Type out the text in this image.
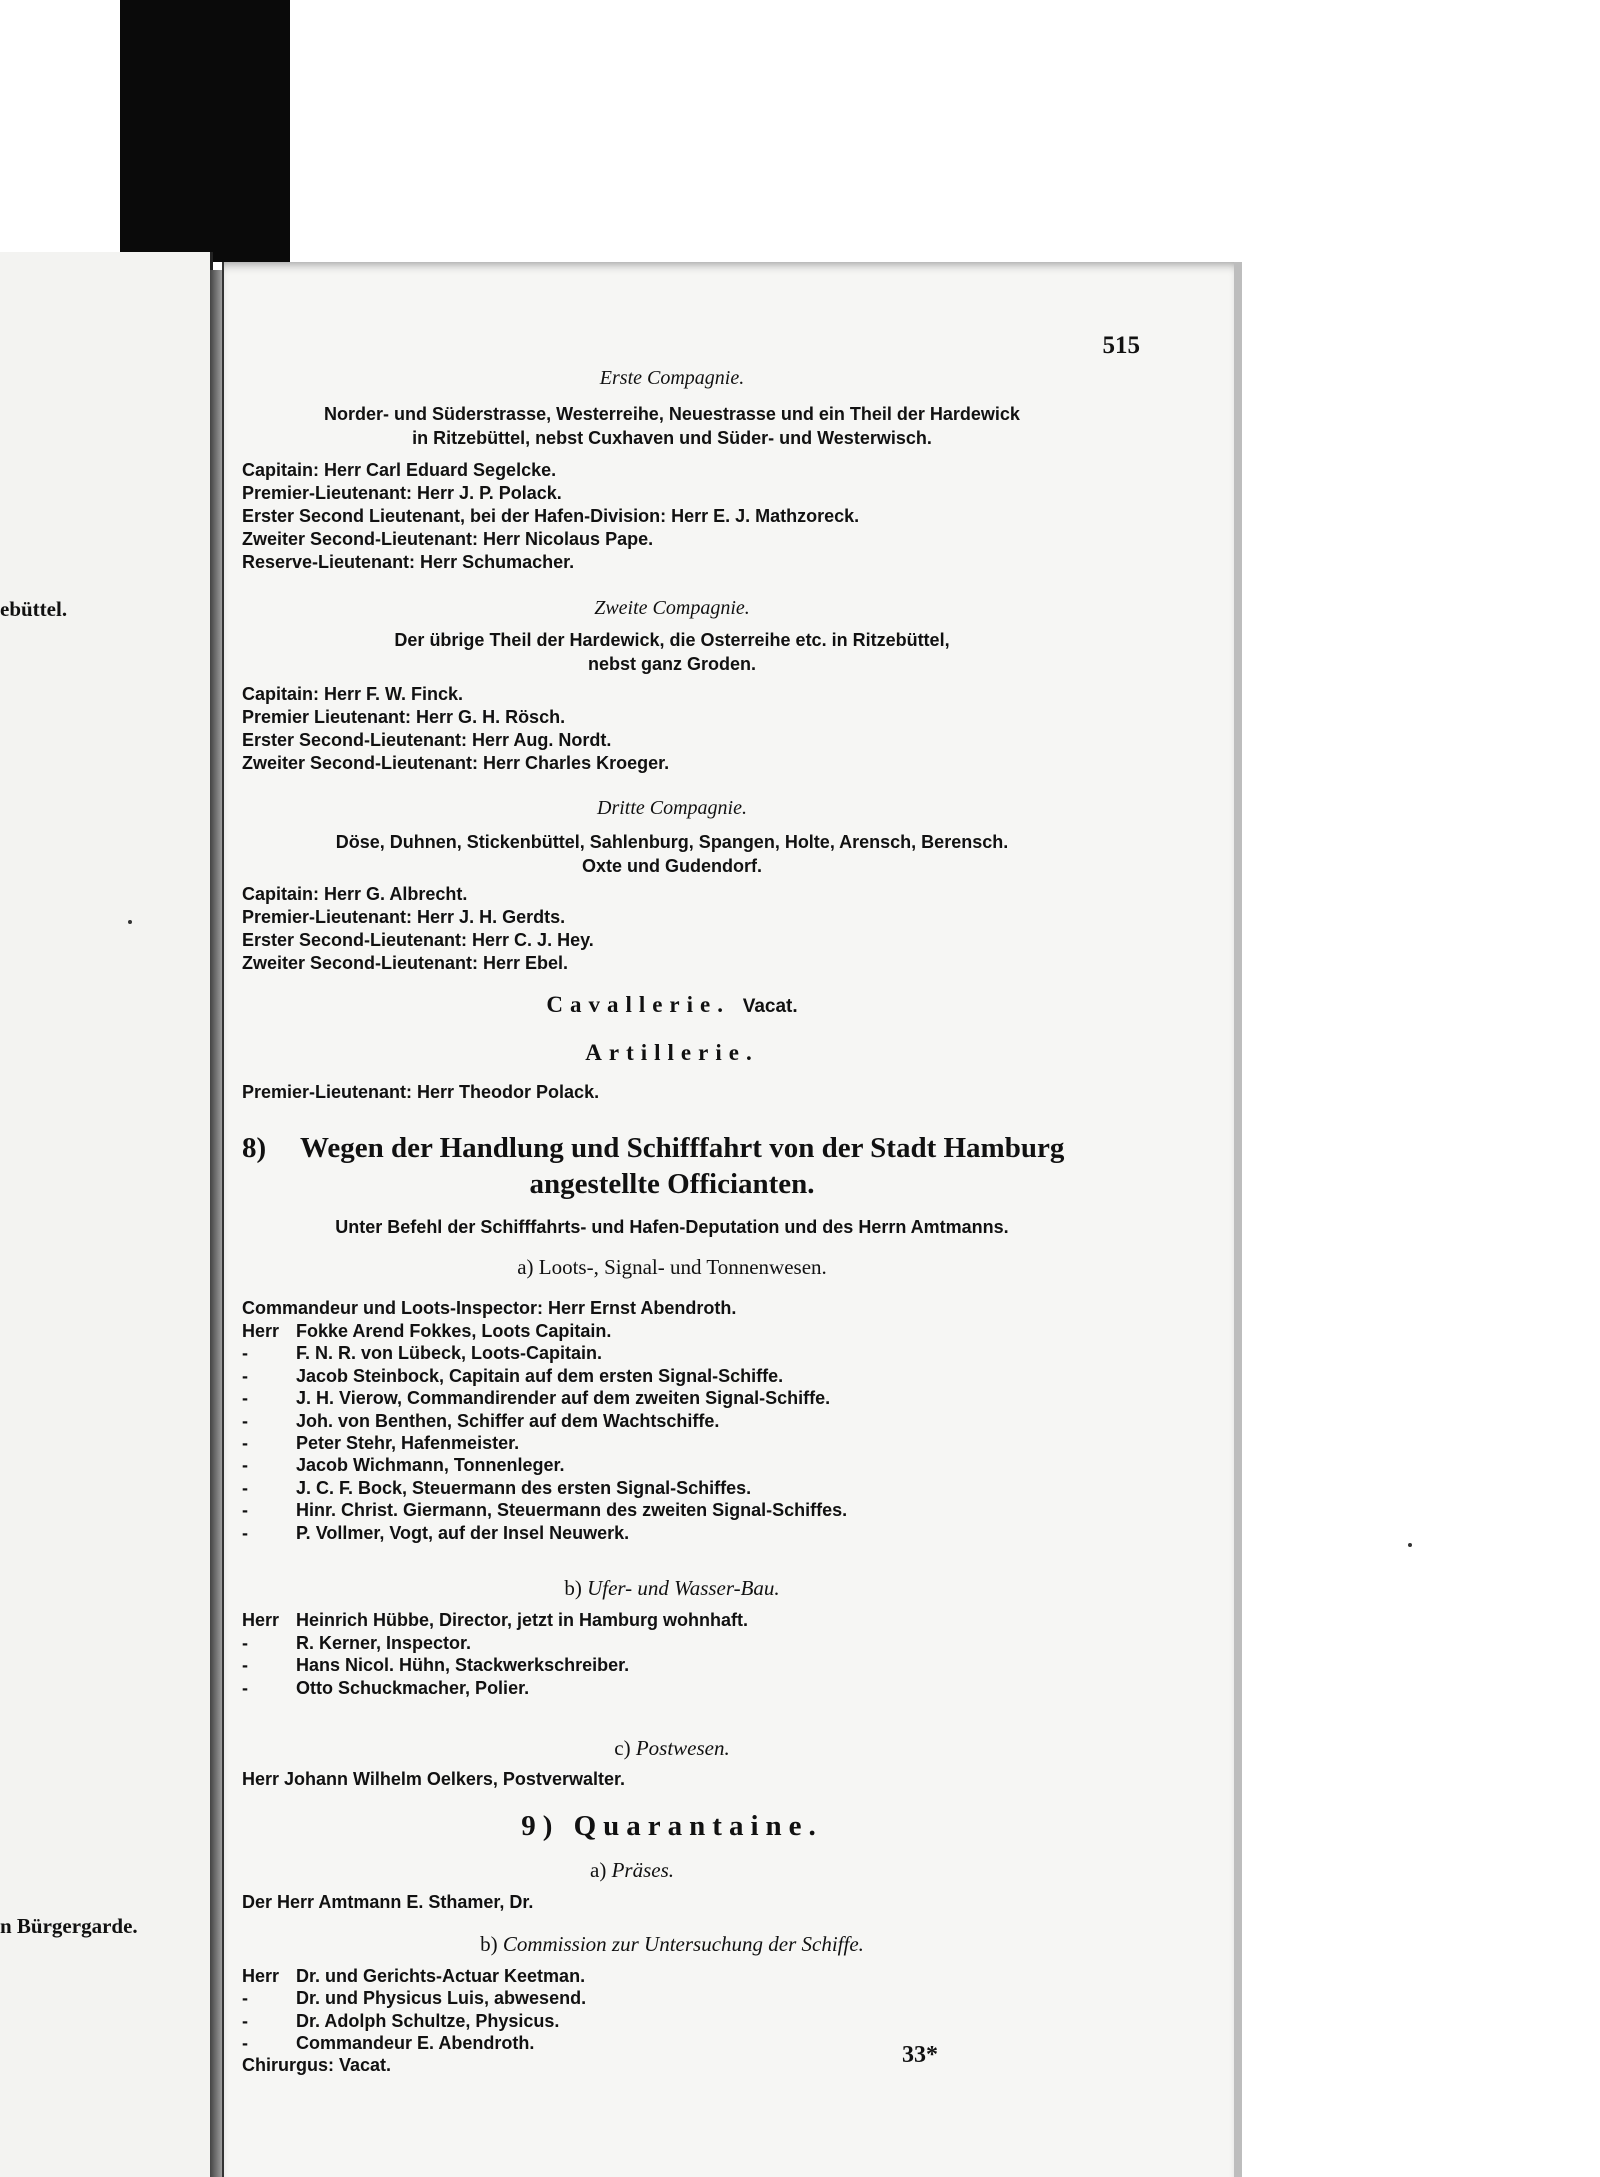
ebüttel.
n Bürgergarde.
515
Erste Compagnie.
Norder- und Süderstrasse, Westerreihe, Neuestrasse und ein Theil der Hardewick
in Ritzebüttel, nebst Cuxhaven und Süder- und Westerwisch.
Capitain: Herr Carl Eduard Segelcke.
Premier-Lieutenant: Herr J. P. Polack.
Erster Second Lieutenant, bei der Hafen-Division: Herr E. J. Mathzoreck.
Zweiter Second-Lieutenant: Herr Nicolaus Pape.
Reserve-Lieutenant: Herr Schumacher.
Zweite Compagnie.
Der übrige Theil der Hardewick, die Osterreihe etc. in Ritzebüttel,
nebst ganz Groden.
Capitain: Herr F. W. Finck.
Premier Lieutenant: Herr G. H. Rösch.
Erster Second-Lieutenant: Herr Aug. Nordt.
Zweiter Second-Lieutenant: Herr Charles Kroeger.
Dritte Compagnie.
Döse, Duhnen, Stickenbüttel, Sahlenburg, Spangen, Holte, Arensch, Berensch.
Oxte und Gudendorf.
Capitain: Herr G. Albrecht.
Premier-Lieutenant: Herr J. H. Gerdts.
Erster Second-Lieutenant: Herr C. J. Hey.
Zweiter Second-Lieutenant: Herr Ebel.
Cavallerie. Vacat.
Artillerie.
Premier-Lieutenant: Herr Theodor Polack.
8) Wegen der Handlung und Schifffahrt von der Stadt Hamburg
angestellte Officianten.
Unter Befehl der Schifffahrts- und Hafen-Deputation und des Herrn Amtmanns.
a) Loots-, Signal- und Tonnenwesen.
Commandeur und Loots-Inspector: Herr Ernst Abendroth.
Herr Fokke Arend Fokkes, Loots Capitain.
-	F. N. R. von Lübeck, Loots-Capitain.
-	Jacob Steinbock, Capitain auf dem ersten Signal-Schiffe.
-	J. H. Vierow, Commandirender auf dem zweiten Signal-Schiffe.
-	Joh. von Benthen, Schiffer auf dem Wachtschiffe.
-	Peter Stehr, Hafenmeister.
-	Jacob Wichmann, Tonnenleger.
-	J. C. F. Bock, Steuermann des ersten Signal-Schiffes.
-	Hinr. Christ. Giermann, Steuermann des zweiten Signal-Schiffes.
-	P. Vollmer, Vogt, auf der Insel Neuwerk.
b) Ufer- und Wasser-Bau.
Herr Heinrich Hübbe, Director, jetzt in Hamburg wohnhaft.
-	R. Kerner, Inspector.
-	Hans Nicol. Hühn, Stackwerkschreiber.
-	Otto Schuckmacher, Polier.
c) Postwesen.
Herr Johann Wilhelm Oelkers, Postverwalter.
9) Quarantaine.
a) Präses.
Der Herr Amtmann E. Sthamer, Dr.
b) Commission zur Untersuchung der Schiffe.
Herr Dr. und Gerichts-Actuar Keetman.
-	Dr. und Physicus Luis, abwesend.
-	Dr. Adolph Schultze, Physicus.
-	Commandeur E. Abendroth.
Chirurgus: Vacat.	33*
